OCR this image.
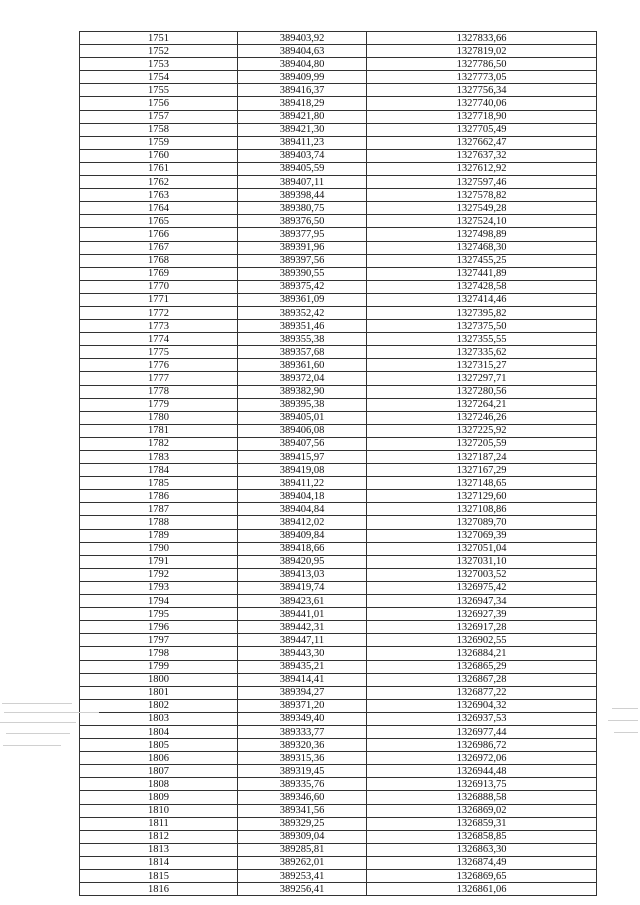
1751	389403,92	1327833,66
1752	389404,63	1327819,02
1753	389404,80	1327786,50
1754	389409,99	1327773,05
1755	389416,37	1327756,34
1756	389418,29	1327740,06
1757	389421,80	1327718,90
1758	389421,30	1327705,49
1759	389411,23	1327662,47
1760	389403,74	1327637,32
1761	389405,59	1327612,92
1762	389407,11	1327597,46
1763	389398,44	1327578,82
1764	389380,75	1327549,28
1765	389376,50	1327524,10
1766	389377,95	1327498,89
1767	389391,96	1327468,30
1768	389397,56	1327455,25
1769	389390,55	1327441,89
1770	389375,42	1327428,58
1771	389361,09	1327414,46
1772	389352,42	1327395,82
1773	389351,46	1327375,50
1774	389355,38	1327355,55
1775	389357,68	1327335,62
1776	389361,60	1327315,27
1777	389372,04	1327297,71
1778	389382,90	1327280,56
1779	389395,38	1327264,21
1780	389405,01	1327246,26
1781	389406,08	1327225,92
1782	389407,56	1327205,59
1783	389415,97	1327187,24
1784	389419,08	1327167,29
1785	389411,22	1327148,65
1786	389404,18	1327129,60
1787	389404,84	1327108,86
1788	389412,02	1327089,70
1789	389409,84	1327069,39
1790	389418,66	1327051,04
1791	389420,95	1327031,10
1792	389413,03	1327003,52
1793	389419,74	1326975,42
1794	389423,61	1326947,34
1795	389441,01	1326927,39
1796	389442,31	1326917,28
1797	389447,11	1326902,55
1798	389443,30	1326884,21
1799	389435,21	1326865,29
1800	389414,41	1326867,28
1801	389394,27	1326877,22
1802	389371,20	1326904,32
1803	389349,40	1326937,53
1804	389333,77	1326977,44
1805	389320,36	1326986,72
1806	389315,36	1326972,06
1807	389319,45	1326944,48
1808	389335,76	1326913,75
1809	389346,60	1326888,58
1810	389341,56	1326869,02
1811	389329,25	1326859,31
1812	389309,04	1326858,85
1813	389285,81	1326863,30
1814	389262,01	1326874,49
1815	389253,41	1326869,65
1816	389256,41	1326861,06
